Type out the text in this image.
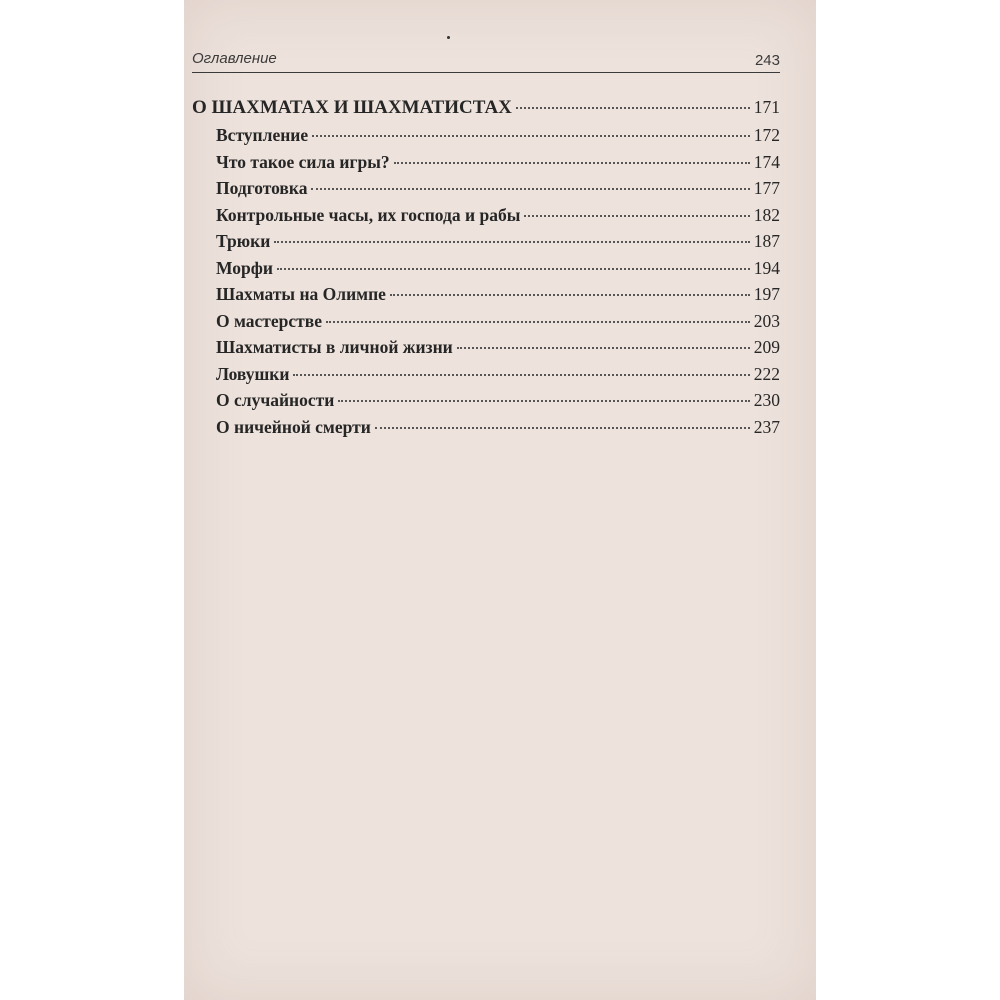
Оглавление	243
О ШАХМАТАХ И ШАХМАТИСТАХ	171
Вступление	172
Что такое сила игры?	174
Подготовка	177
Контрольные часы, их господа и рабы	182
Трюки	187
Морфи	194
Шахматы на Олимпе	197
О мастерстве	203
Шахматисты в личной жизни	209
Ловушки	222
О случайности	230
О ничейной смерти	237
